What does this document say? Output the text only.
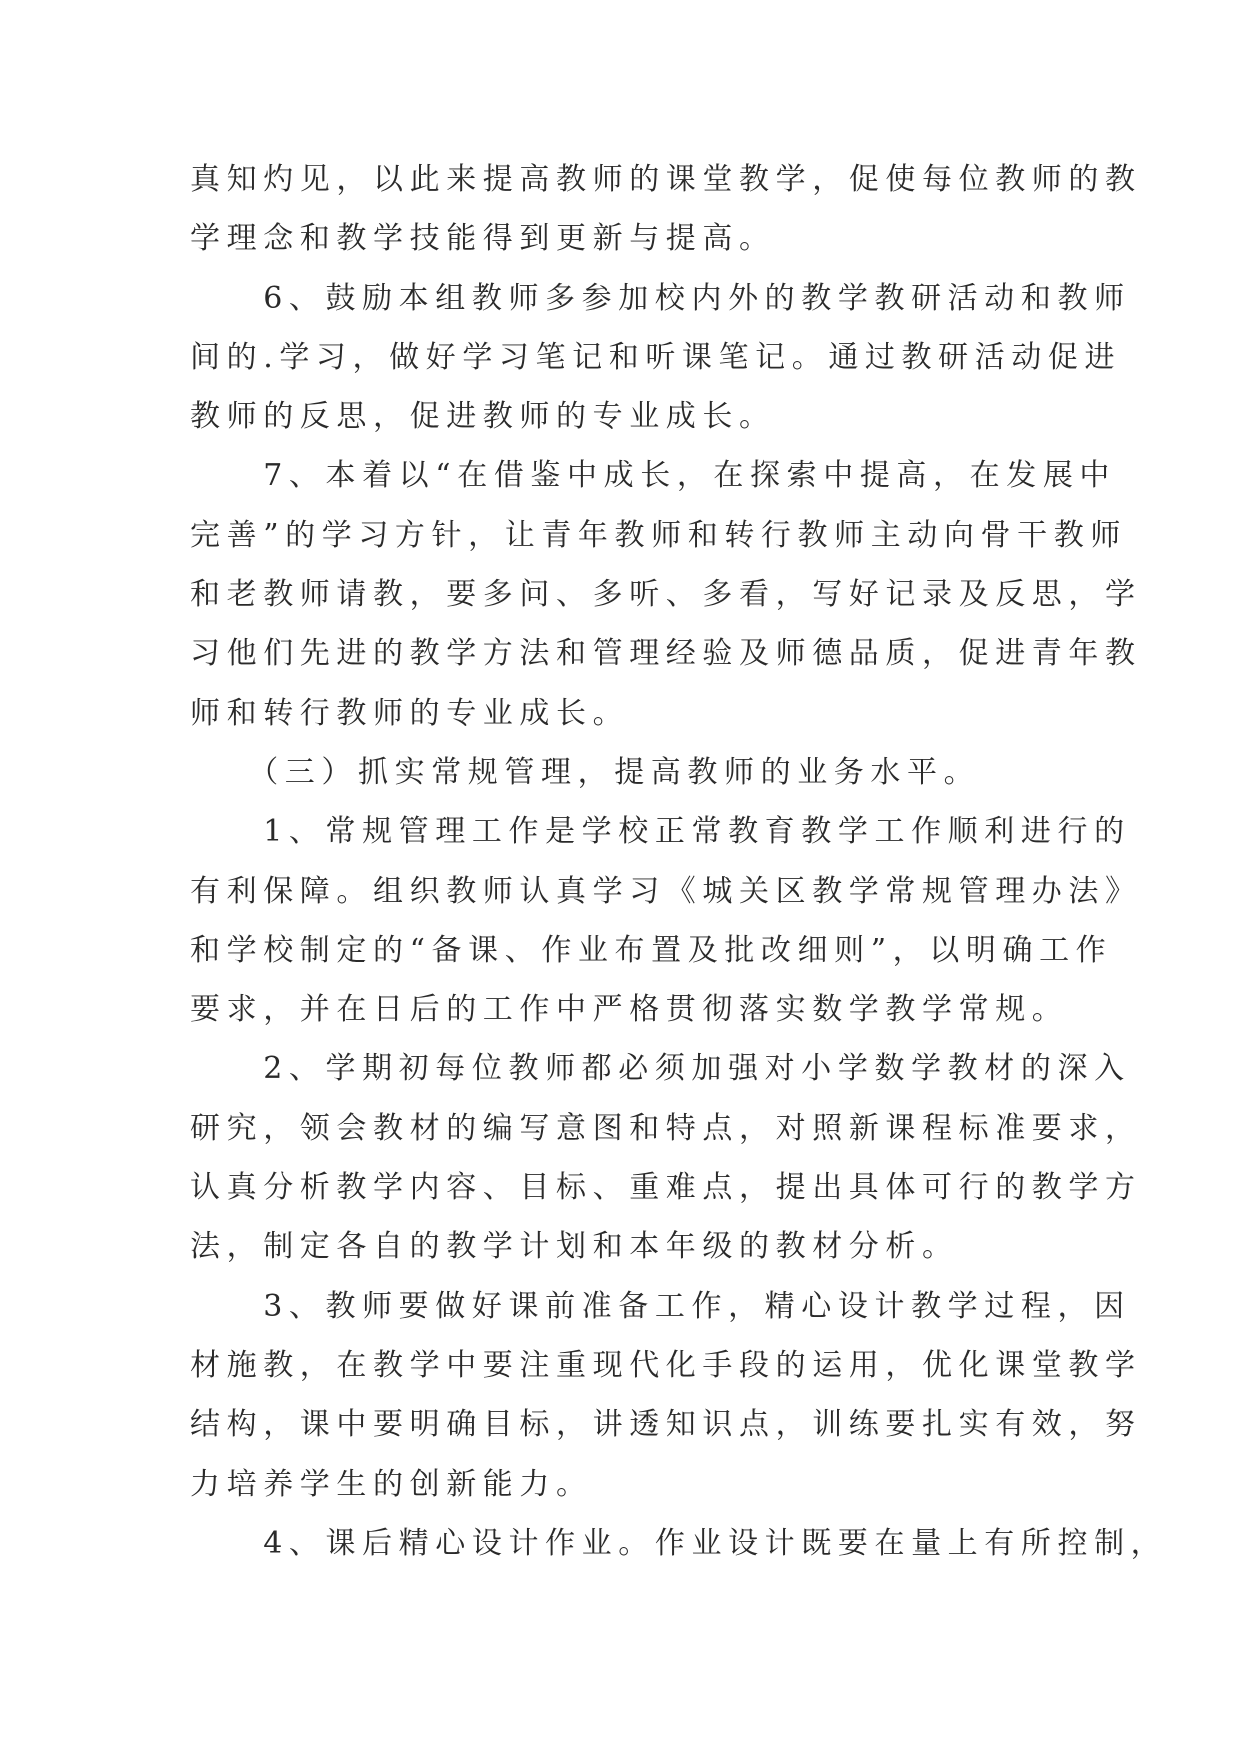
真知灼见，以此来提高教师的课堂教学，促使每位教师的教
学理念和教学技能得到更新与提高。
　　6、鼓励本组教师多参加校内外的教学教研活动和教师
间的.学习，做好学习笔记和听课笔记。通过教研活动促进
教师的反思，促进教师的专业成长。
　　7、本着以“在借鉴中成长，在探索中提高，在发展中
完善”的学习方针，让青年教师和转行教师主动向骨干教师
和老教师请教，要多问、多听、多看，写好记录及反思，学
习他们先进的教学方法和管理经验及师德品质，促进青年教
师和转行教师的专业成长。
　　（三）抓实常规管理，提高教师的业务水平。
　　1、常规管理工作是学校正常教育教学工作顺利进行的
有利保障。组织教师认真学习《城关区教学常规管理办法》
和学校制定的“备课、作业布置及批改细则”，以明确工作
要求，并在日后的工作中严格贯彻落实数学教学常规。
　　2、学期初每位教师都必须加强对小学数学教材的深入
研究，领会教材的编写意图和特点，对照新课程标准要求，
认真分析教学内容、目标、重难点，提出具体可行的教学方
法，制定各自的教学计划和本年级的教材分析。
　　3、教师要做好课前准备工作，精心设计教学过程，因
材施教，在教学中要注重现代化手段的运用，优化课堂教学
结构，课中要明确目标，讲透知识点，训练要扎实有效，努
力培养学生的创新能力。
　　4、课后精心设计作业。作业设计既要在量上有所控制，
